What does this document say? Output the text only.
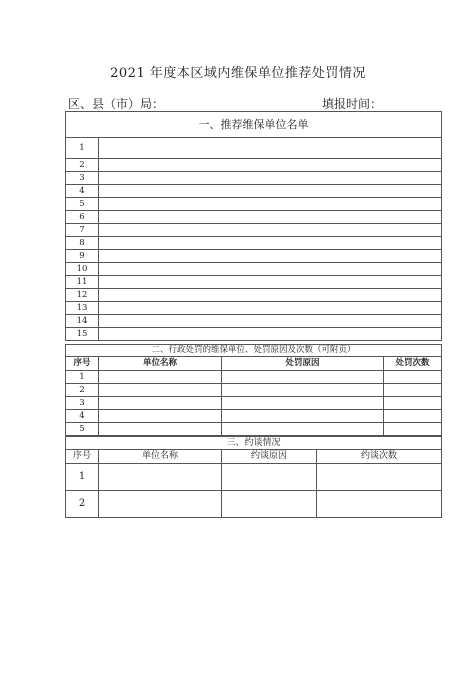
2021 年度本区域内维保单位推荐处罚情况
区、县（市）局：	填报时间：
一、推荐维保单位名单	
1	
2	
3	
4	
5	
6	
7	
8	
9	
10	
11	
12	
13	
14	
15	
二、行政处罚的维保单位、处罚原因及次数（可附页）			
序号	单位名称	处罚原因	处罚次数
1			
2			
3			
4			
5			
三、约谈情况			
序号	单位名称	约谈原因	约谈次数
1			
2			
